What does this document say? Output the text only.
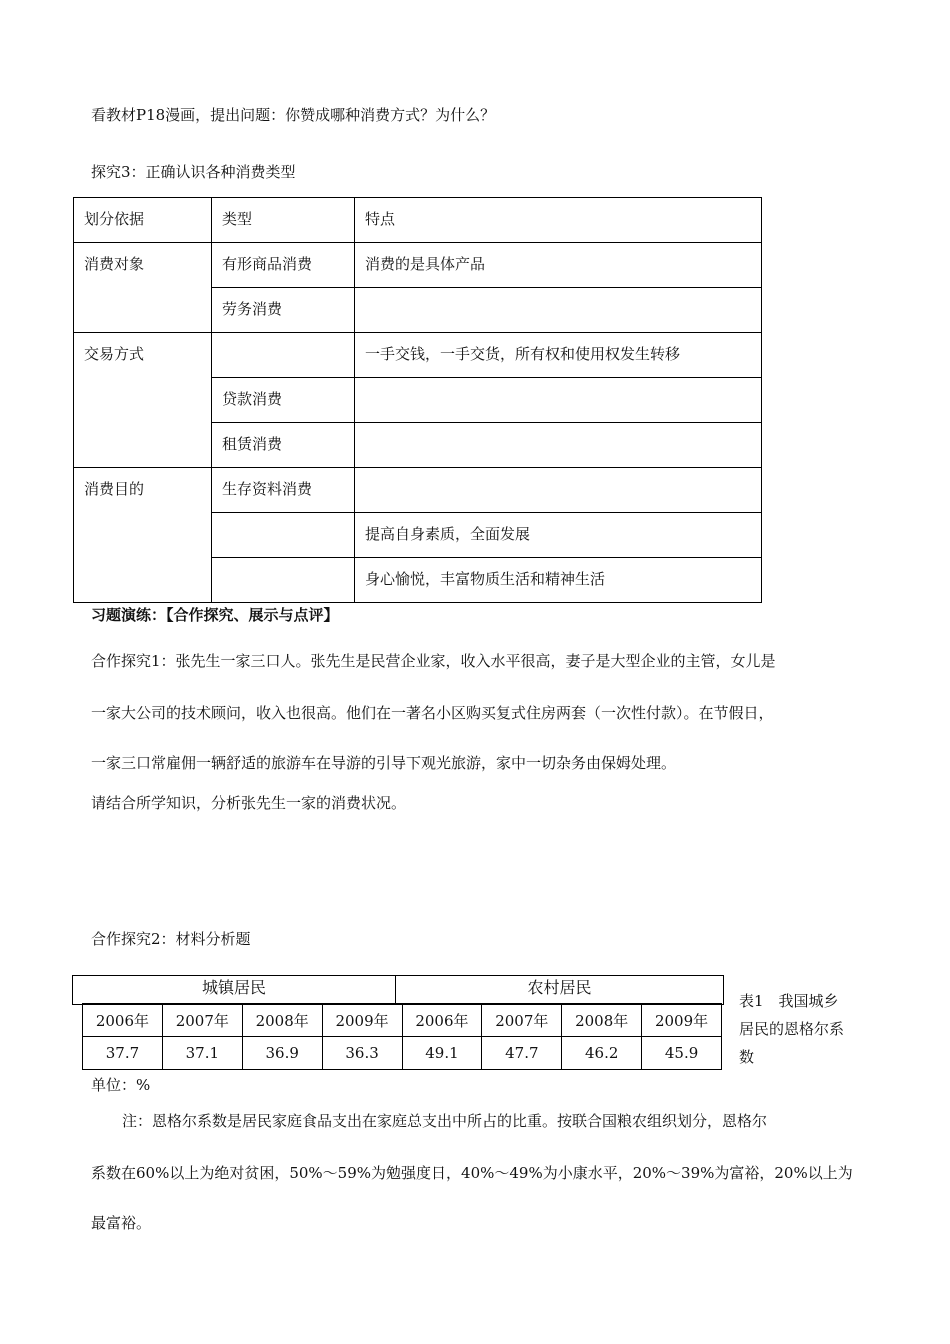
看教材P18漫画，提出问题：你赞成哪种消费方式？为什么？
探究3：正确认识各种消费类型
划分依据	类型	特点
消费对象	有形商品消费	消费的是具体产品
	劳务消费	
交易方式		一手交钱，一手交货，所有权和使用权发生转移
	贷款消费	
	租赁消费	
消费目的	生存资料消费	
		提高自身素质，全面发展
		身心愉悦，丰富物质生活和精神生活
习题演练：【合作探究、展示与点评】
合作探究1：张先生一家三口人。张先生是民营企业家，收入水平很高，妻子是大型企业的主管，女儿是
一家大公司的技术顾问，收入也很高。他们在一著名小区购买复式住房两套（一次性付款）。在节假日，
一家三口常雇佣一辆舒适的旅游车在导游的引导下观光旅游，家中一切杂务由保姆处理。
请结合所学知识，分析张先生一家的消费状况。
合作探究2：材料分析题
城镇居民	农村居民
2006年	2007年	2008年	2009年	2006年	2007年	2008年	2009年
37.7	37.1	36.9	36.3	49.1	47.7	46.2	45.9
表1　我国城乡
居民的恩格尔系
数
单位：%
注：恩格尔系数是居民家庭食品支出在家庭总支出中所占的比重。按联合国粮农组织划分，恩格尔
系数在60%以上为绝对贫困，50%～59%为勉强度日，40%～49%为小康水平，20%～39%为富裕，20%以上为
最富裕。
